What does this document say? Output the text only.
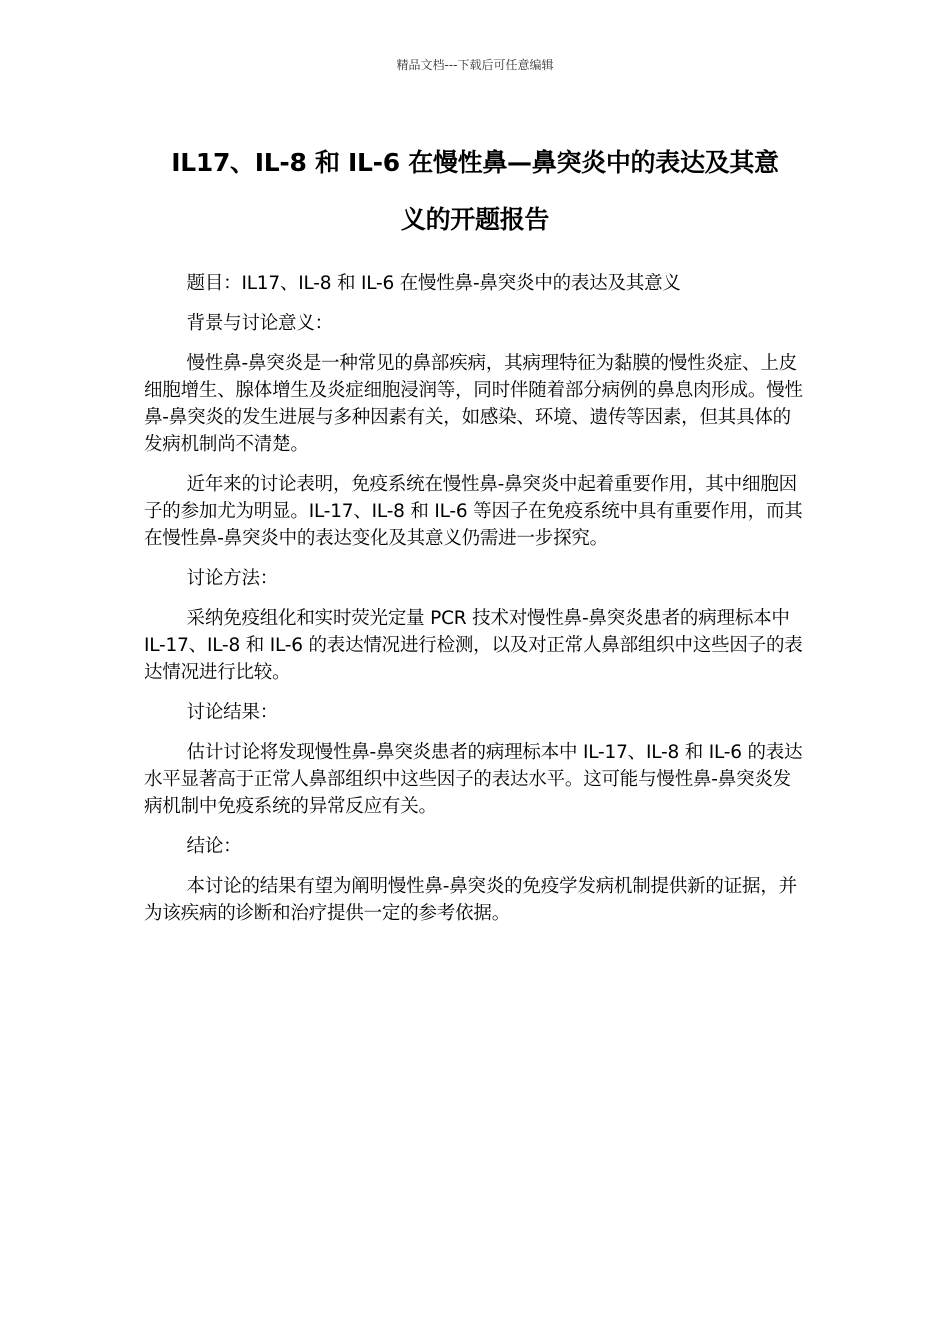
精品文档---下载后可任意编辑
IL17、IL-8 和 IL-6 在慢性鼻—鼻突炎中的表达及其意
义的开题报告

题目：IL17、IL-8 和 IL-6 在慢性鼻-鼻突炎中的表达及其意义

背景与讨论意义：

慢性鼻-鼻突炎是一种常见的鼻部疾病，其病理特征为黏膜的慢性炎症、上皮细胞增生、腺体增生及炎症细胞浸润等，同时伴随着部分病例的鼻息肉形成。慢性鼻-鼻突炎的发生进展与多种因素有关，如感染、环境、遗传等因素，但其具体的发病机制尚不清楚。

近年来的讨论表明，免疫系统在慢性鼻-鼻突炎中起着重要作用，其中细胞因子的参加尤为明显。IL-17、IL-8 和 IL-6 等因子在免疫系统中具有重要作用，而其在慢性鼻-鼻突炎中的表达变化及其意义仍需进一步探究。

讨论方法：

采纳免疫组化和实时荧光定量 PCR 技术对慢性鼻-鼻突炎患者的病理标本中 IL-17、IL-8 和 IL-6 的表达情况进行检测，以及对正常人鼻部组织中这些因子的表达情况进行比较。

讨论结果：

估计讨论将发现慢性鼻-鼻突炎患者的病理标本中 IL-17、IL-8 和 IL-6 的表达水平显著高于正常人鼻部组织中这些因子的表达水平。这可能与慢性鼻-鼻突炎发病机制中免疫系统的异常反应有关。

结论：

本讨论的结果有望为阐明慢性鼻-鼻突炎的免疫学发病机制提供新的证据，并为该疾病的诊断和治疗提供一定的参考依据。
